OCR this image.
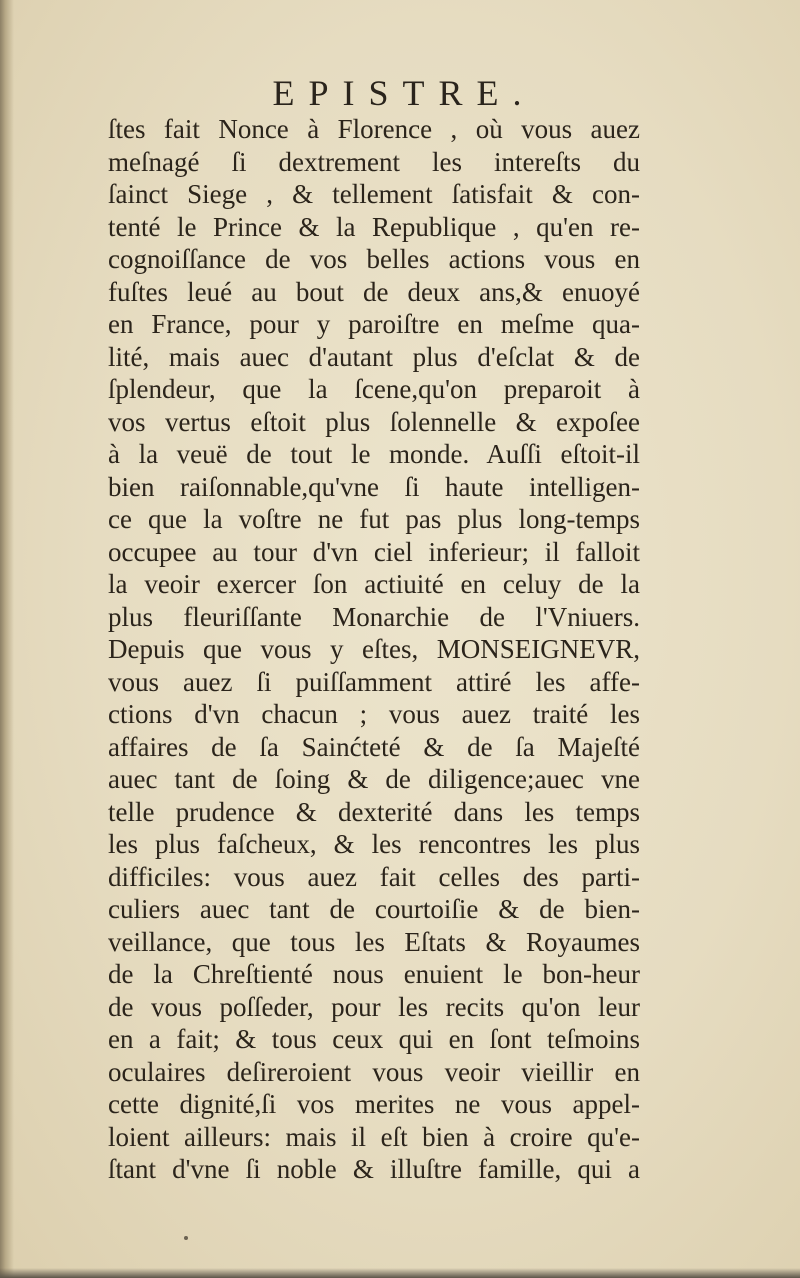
EPISTRE.
ſtes fait Nonce à Florence , où vous auez
meſnagé ſi dextrement les intereſts du
ſainct Siege , & tellement ſatisfait & con-
tenté le Prince & la Republique , qu'en re-
cognoiſſance de vos belles actions vous en
fuſtes leué au bout de deux ans,& enuoyé
en France, pour y paroiſtre en meſme qua-
lité, mais auec d'autant plus d'eſclat & de
ſplendeur, que la ſcene,qu'on preparoit à
vos vertus eſtoit plus ſolennelle & expoſee
à la veuë de tout le monde. Auſſi eſtoit-il
bien raiſonnable,qu'vne ſi haute intelligen-
ce que la voſtre ne fut pas plus long-temps
occupee au tour d'vn ciel inferieur; il falloit
la veoir exercer ſon actiuité en celuy de la
plus fleuriſſante Monarchie de l'Vniuers.
Depuis que vous y eſtes, MONSEIGNEVR,
vous auez ſi puiſſamment attiré les affe-
ctions d'vn chacun ; vous auez traité les
affaires de ſa Sainćteté & de ſa Majeſté
auec tant de ſoing & de diligence;auec vne
telle prudence & dexterité dans les temps
les plus faſcheux, & les rencontres les plus
difficiles: vous auez fait celles des parti-
culiers auec tant de courtoiſie & de bien-
veillance, que tous les Eſtats & Royaumes
de la Chreſtienté nous enuient le bon-heur
de vous poſſeder, pour les recits qu'on leur
en a fait; & tous ceux qui en ſont teſmoins
oculaires deſireroient vous veoir vieillir en
cette dignité,ſi vos merites ne vous appel-
loient ailleurs: mais il eſt bien à croire qu'e-
ſtant d'vne ſi noble & illuſtre famille, qui a
